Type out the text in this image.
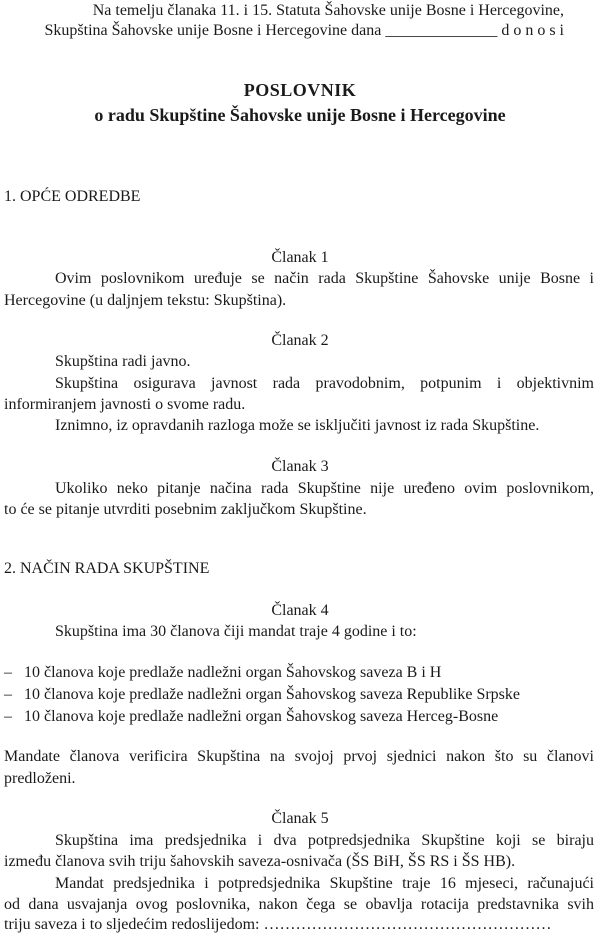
Na temelju članaka 11. i 15. Statuta Šahovske unije Bosne i Hercegovine,
Skupština Šahovske unije Bosne i Hercegovine dana ______________ d o n o s i
POSLOVNIK
o radu Skupštine Šahovske unije Bosne i Hercegovine
1. OPĆE ODREDBE
Članak 1
Ovim poslovnikom uređuje se način rada Skupštine Šahovske unije Bosne i
Hercegovine (u daljnjem tekstu: Skupština).
Članak 2
Skupština radi javno.
Skupština osigurava javnost rada pravodobnim, potpunim i objektivnim
informiranjem javnosti o svome radu.
Iznimno, iz opravdanih razloga može se isključiti javnost iz rada Skupštine.
Članak 3
Ukoliko neko pitanje načina rada Skupštine nije uređeno ovim poslovnikom,
to će se pitanje utvrditi posebnim zaključkom Skupštine.
2. NAČIN RADA SKUPŠTINE
Članak 4
Skupština ima 30 članova čiji mandat traje 4 godine i to:
– 10 članova koje predlaže nadležni organ Šahovskog saveza B i H
– 10 članova koje predlaže nadležni organ Šahovskog saveza Republike Srpske
– 10 članova koje predlaže nadležni organ Šahovskog saveza Herceg-Bosne
Mandate članova verificira Skupština na svojoj prvoj sjednici nakon što su članovi
predloženi.
Članak 5
Skupština ima predsjednika i dva potpredsjednika Skupštine koji se biraju
između članova svih triju šahovskih saveza-osnivača (ŠS BiH, ŠS RS i ŠS HB).
Mandat predsjednika i potpredsjednika Skupštine traje 16 mjeseci, računajući
od dana usvajanja ovog poslovnika, nakon čega se obavlja rotacija predstavnika svih
triju saveza i to sljedećim redoslijedom: ………………………………………………
